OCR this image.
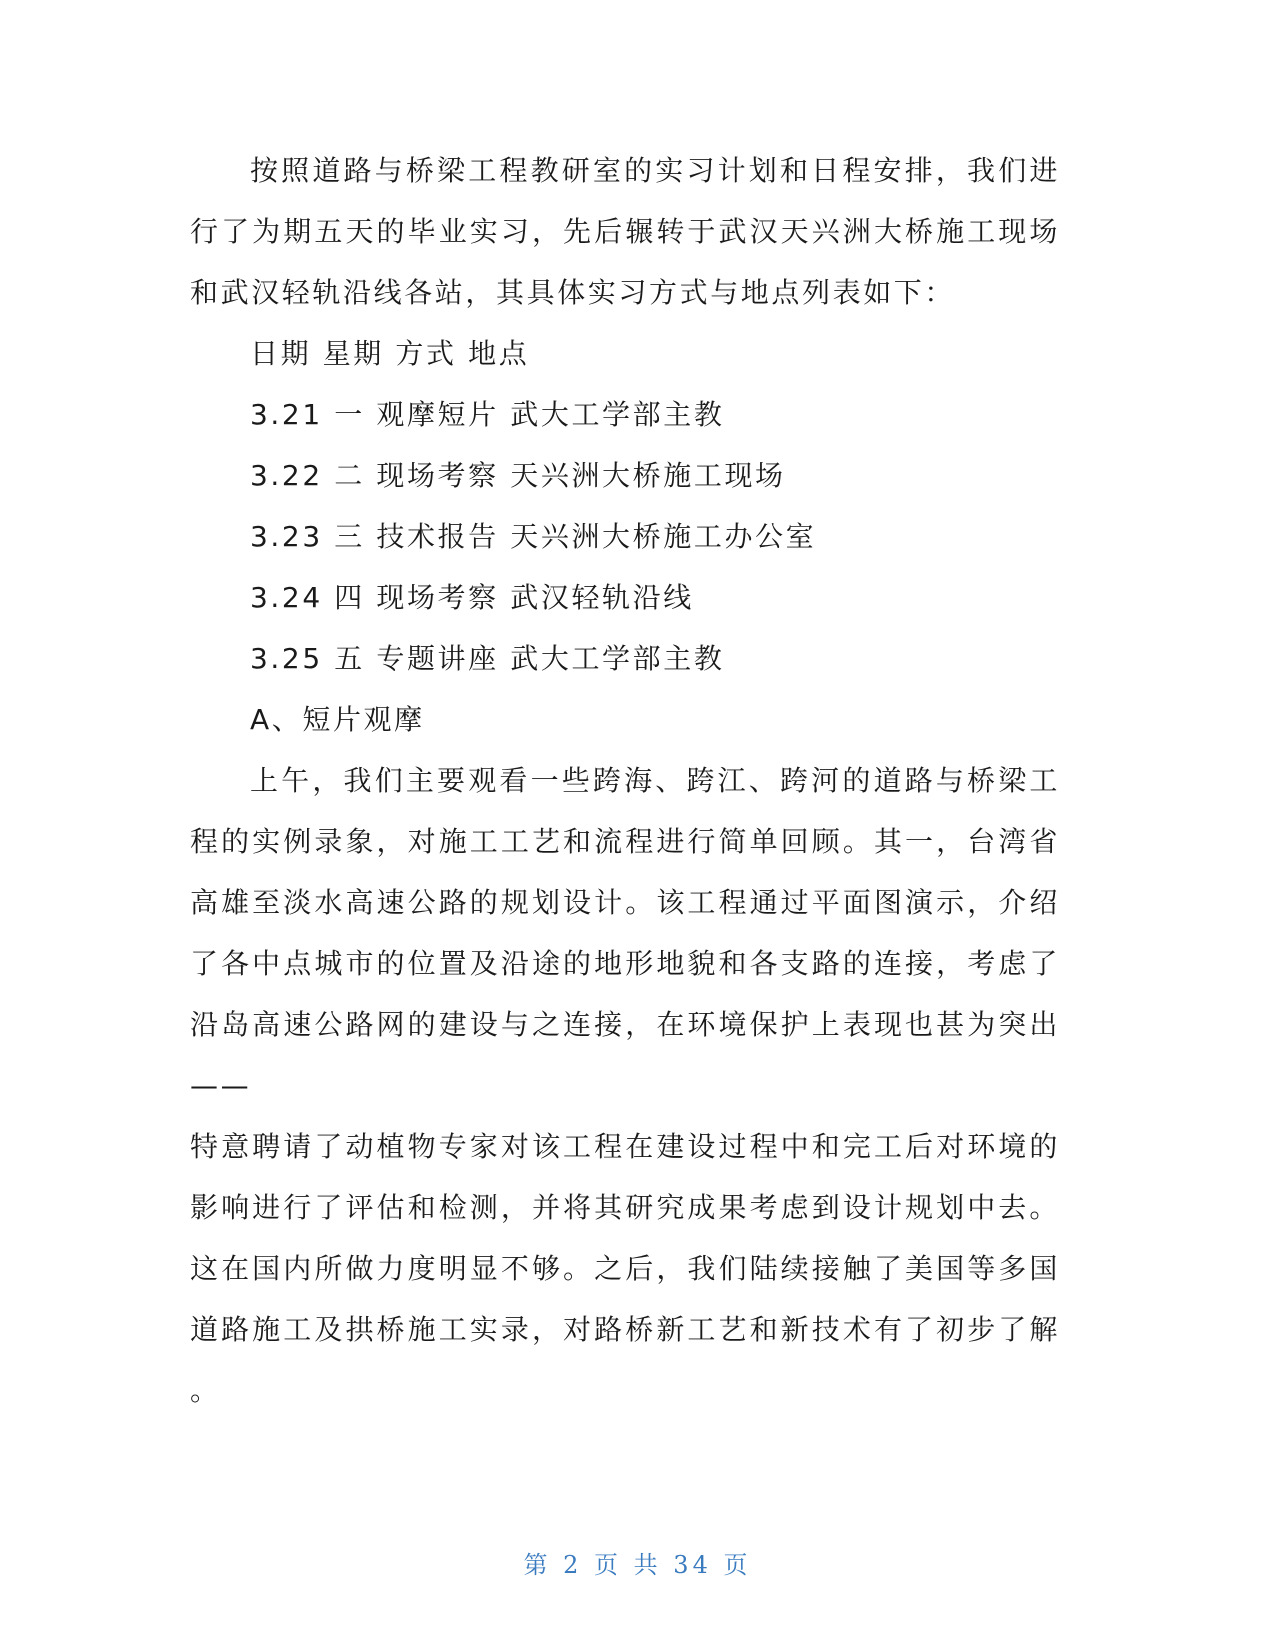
按照道路与桥梁工程教研室的实习计划和日程安排，我们进
行了为期五天的毕业实习，先后辗转于武汉天兴洲大桥施工现场
和武汉轻轨沿线各站，其具体实习方式与地点列表如下：
日期 星期 方式 地点
3.21 一 观摩短片 武大工学部主教
3.22 二 现场考察 天兴洲大桥施工现场
3.23 三 技术报告 天兴洲大桥施工办公室
3.24 四 现场考察 武汉轻轨沿线
3.25 五 专题讲座 武大工学部主教
A、短片观摩
上午，我们主要观看一些跨海、跨江、跨河的道路与桥梁工
程的实例录象，对施工工艺和流程进行简单回顾。其一，台湾省
高雄至淡水高速公路的规划设计。该工程通过平面图演示，介绍
了各中点城市的位置及沿途的地形地貌和各支路的连接，考虑了
沿岛高速公路网的建设与之连接，在环境保护上表现也甚为突出
——
特意聘请了动植物专家对该工程在建设过程中和完工后对环境的
影响进行了评估和检测，并将其研究成果考虑到设计规划中去。
这在国内所做力度明显不够。之后，我们陆续接触了美国等多国
道路施工及拱桥施工实录，对路桥新工艺和新技术有了初步了解
。
第 2 页 共 34 页
